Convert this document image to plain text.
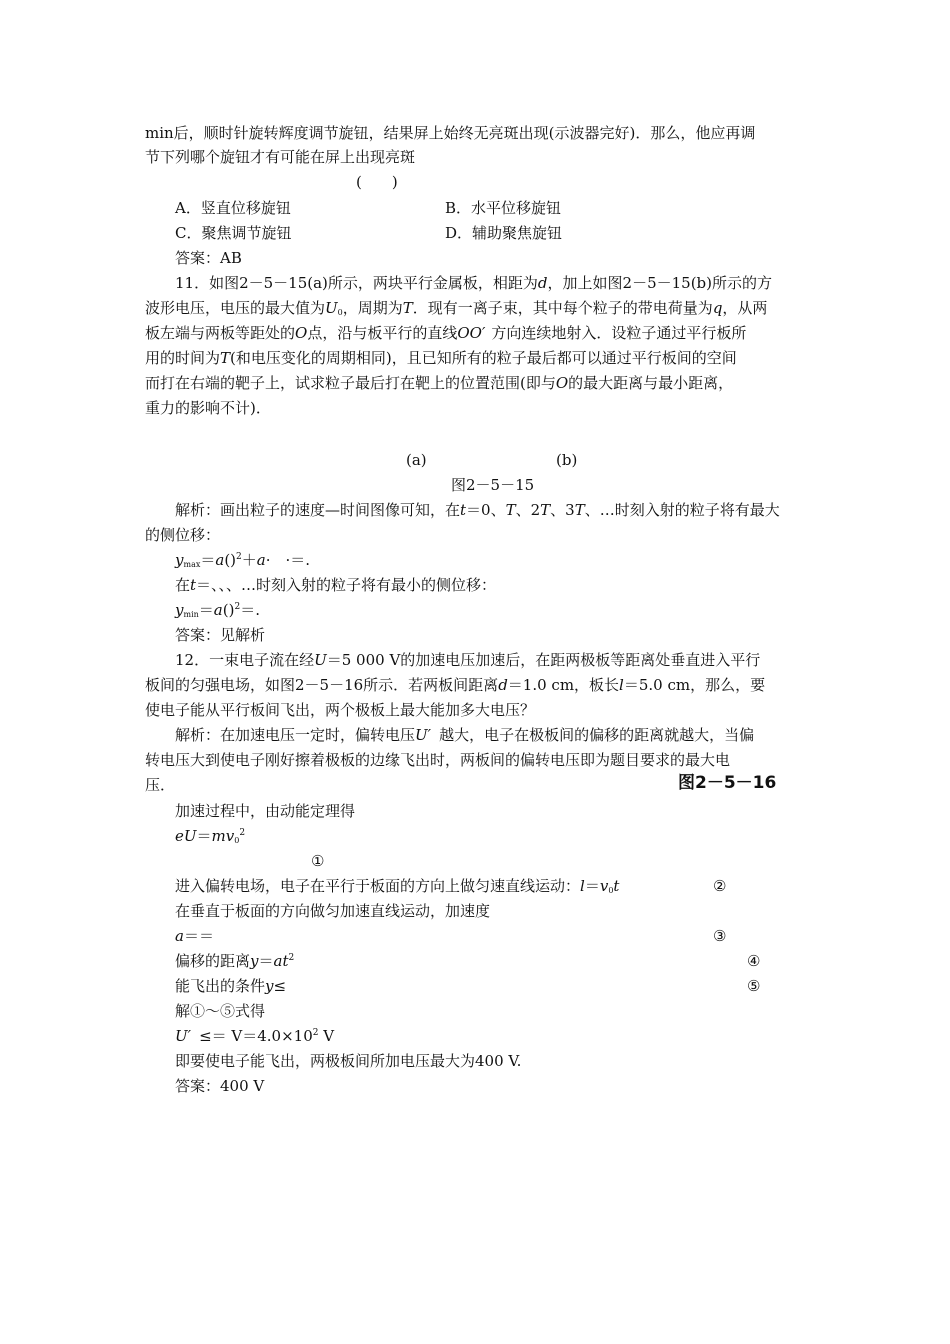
min后，顺时针旋转辉度调节旋钮，结果屏上始终无亮斑出现(示波器完好)．那么，他应再调
节下列哪个旋钮才有可能在屏上出现亮斑
(　　)
A．竖直位移旋钮	B．水平位移旋钮
C．聚焦调节旋钮	D．辅助聚焦旋钮
答案：AB
11．如图2－5－15(a)所示，两块平行金属板，相距为d，加上如图2－5－15(b)所示的方
波形电压，电压的最大值为$U_0$，周期为T．现有一离子束，其中每个粒子的带电荷量为q，从两
板左端与两板等距处的O点，沿与板平行的直线OO′ 方向连续地射入．设粒子通过平行板所
用的时间为T(和电压变化的周期相同)，且已知所有的粒子最后都可以通过平行板间的空间
而打在右端的靶子上，试求粒子最后打在靶上的位置范围(即与O的最大距离与最小距离，
重力的影响不计)．
(a)	(b)
图2－5－15
解析：画出粒子的速度—时间图像可知，在t＝0、T、2T、3T、…时刻入射的粒子将有最大
的侧位移：
$y_{max}=a()^2+a\cdot$　·＝.
在t＝、、、…时刻入射的粒子将有最小的侧位移：
$y_{min}=a()^2=$.
答案：见解析
12．一束电子流在经U＝5 000 V的加速电压加速后，在距两极板等距离处垂直进入平行
板间的匀强电场，如图2－5－16所示．若两板间距离d＝1.0 cm，板长l＝5.0 cm，那么，要
使电子能从平行板间飞出，两个极板上最大能加多大电压？
解析：在加速电压一定时，偏转电压U′ 越大，电子在极板间的偏移的距离就越大，当偏
转电压大到使电子刚好擦着极板的边缘飞出时，两板间的偏转电压即为题目要求的最大电
压．	图2－5－16
加速过程中，由动能定理得
$eU=mv_0^2$
①
进入偏转电场，电子在平行于板面的方向上做匀速直线运动：$l=v_0t$	②
在垂直于板面的方向做匀加速直线运动，加速度
a＝＝	③
偏移的距离$y=at^2$	④
能飞出的条件y≤	⑤
解①～⑤式得
$U' \le= V=4.0\times 10^2$ V
即要使电子能飞出，两极板间所加电压最大为400 V.
答案：400 V
